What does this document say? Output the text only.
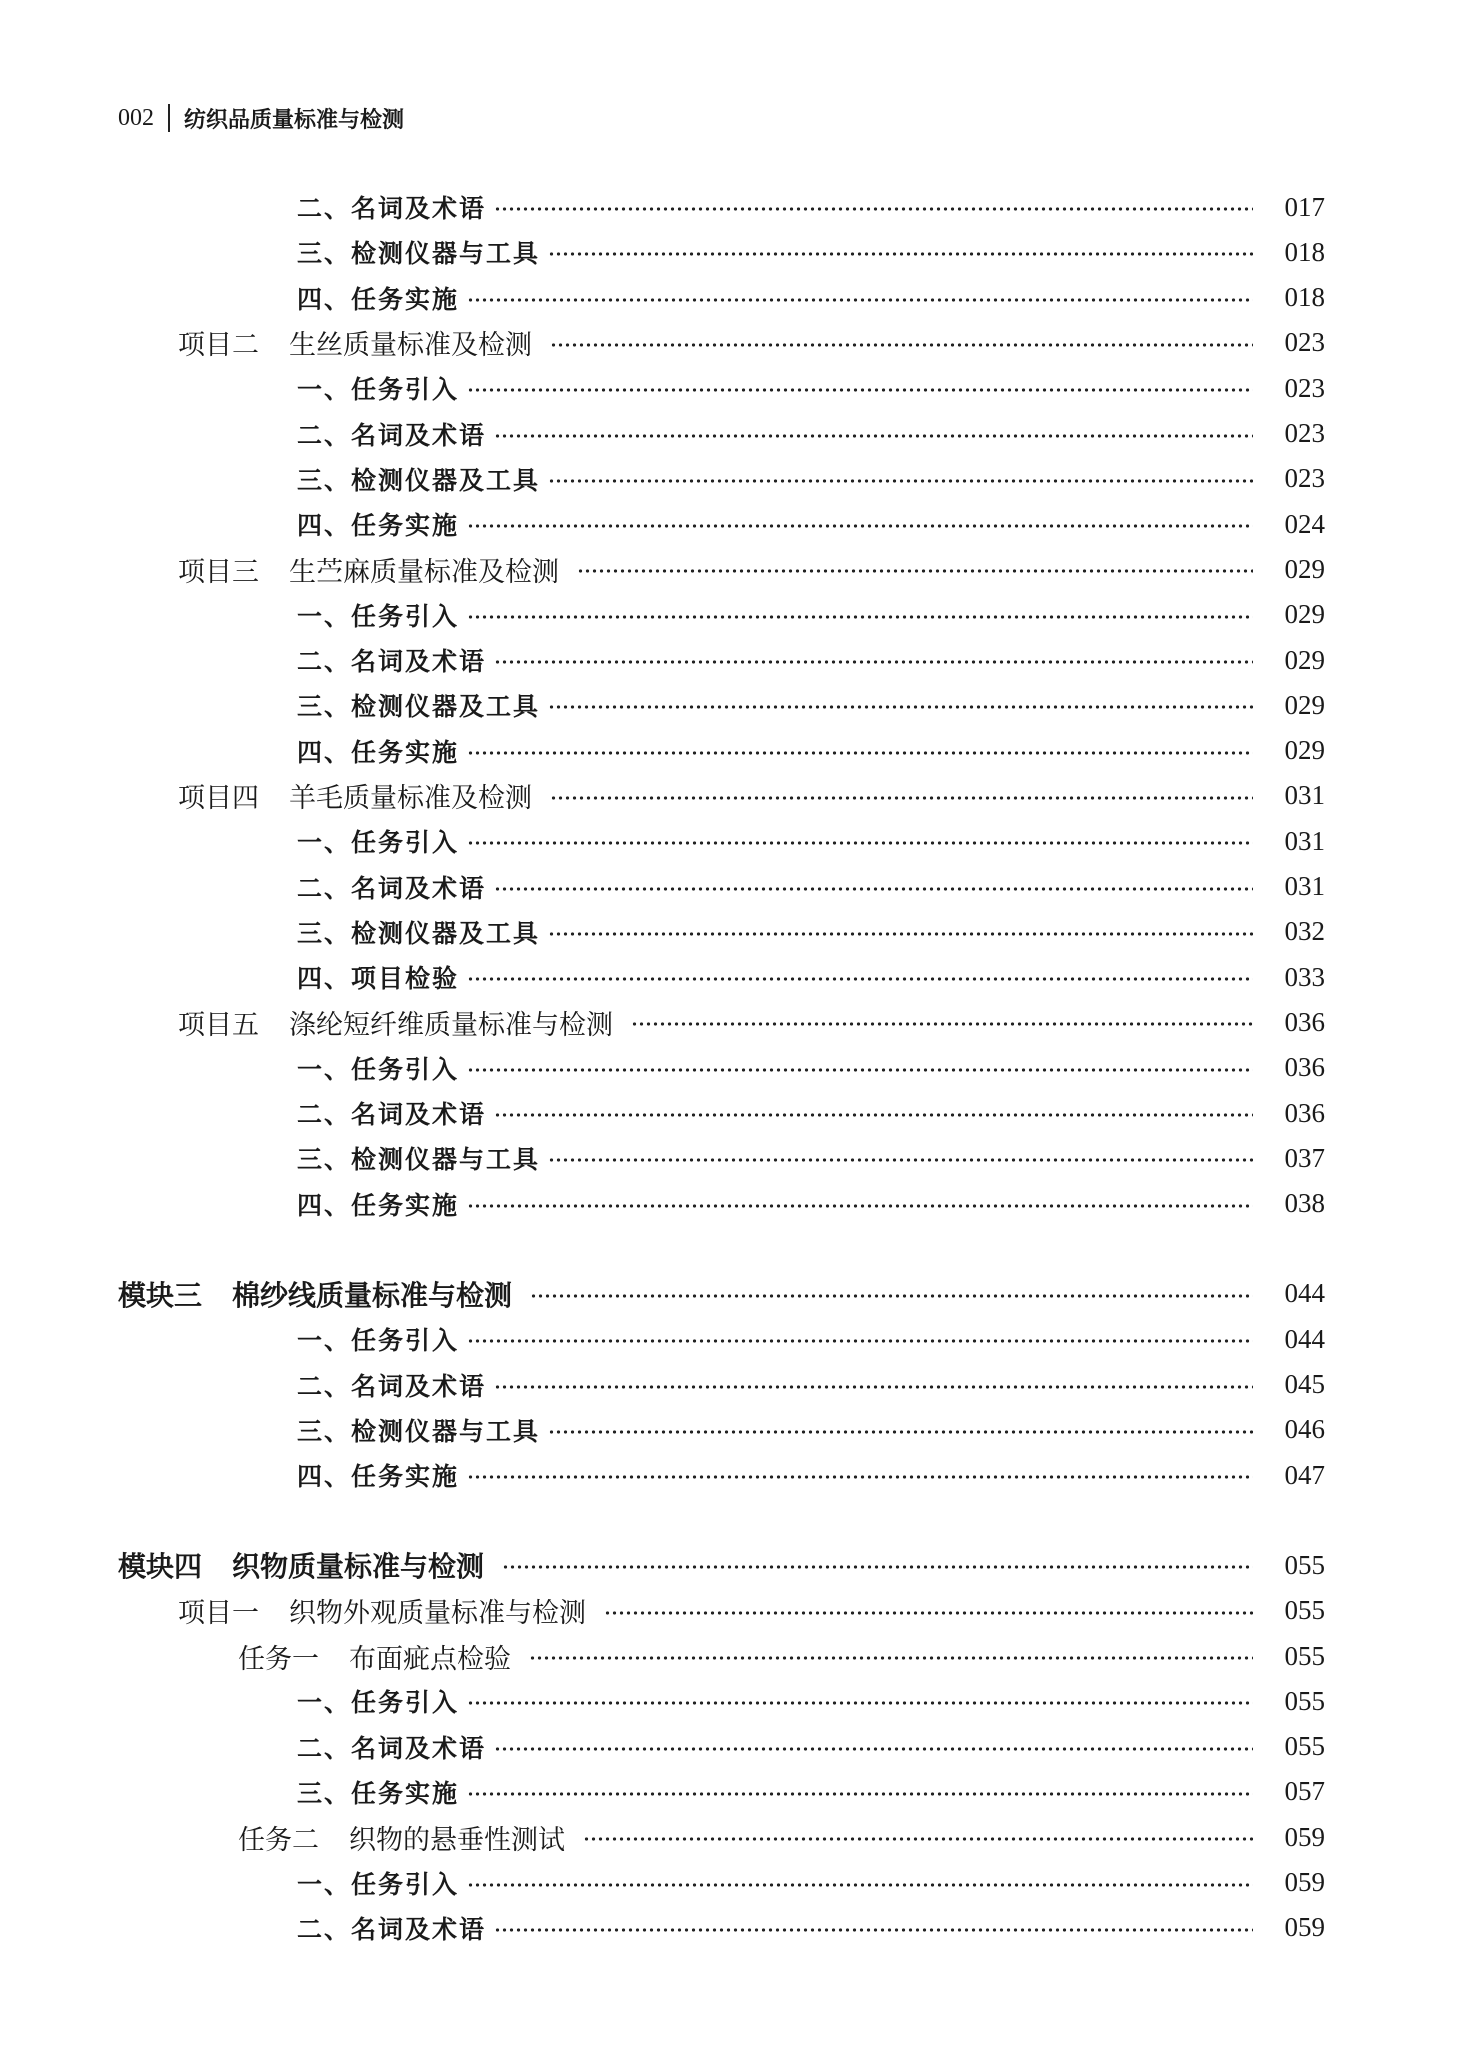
002 纺织品质量标准与检测
二、名词及术语	017
三、检测仪器与工具	018
四、任务实施	018
项目二 生丝质量标准及检测	023
一、任务引入	023
二、名词及术语	023
三、检测仪器及工具	023
四、任务实施	024
项目三 生苎麻质量标准及检测	029
一、任务引入	029
二、名词及术语	029
三、检测仪器及工具	029
四、任务实施	029
项目四 羊毛质量标准及检测	031
一、任务引入	031
二、名词及术语	031
三、检测仪器及工具	032
四、项目检验	033
项目五 涤纶短纤维质量标准与检测	036
一、任务引入	036
二、名词及术语	036
三、检测仪器与工具	037
四、任务实施	038
模块三 棉纱线质量标准与检测	044
一、任务引入	044
二、名词及术语	045
三、检测仪器与工具	046
四、任务实施	047
模块四 织物质量标准与检测	055
项目一 织物外观质量标准与检测	055
任务一 布面疵点检验	055
一、任务引入	055
二、名词及术语	055
三、任务实施	057
任务二 织物的悬垂性测试	059
一、任务引入	059
二、名词及术语	059
